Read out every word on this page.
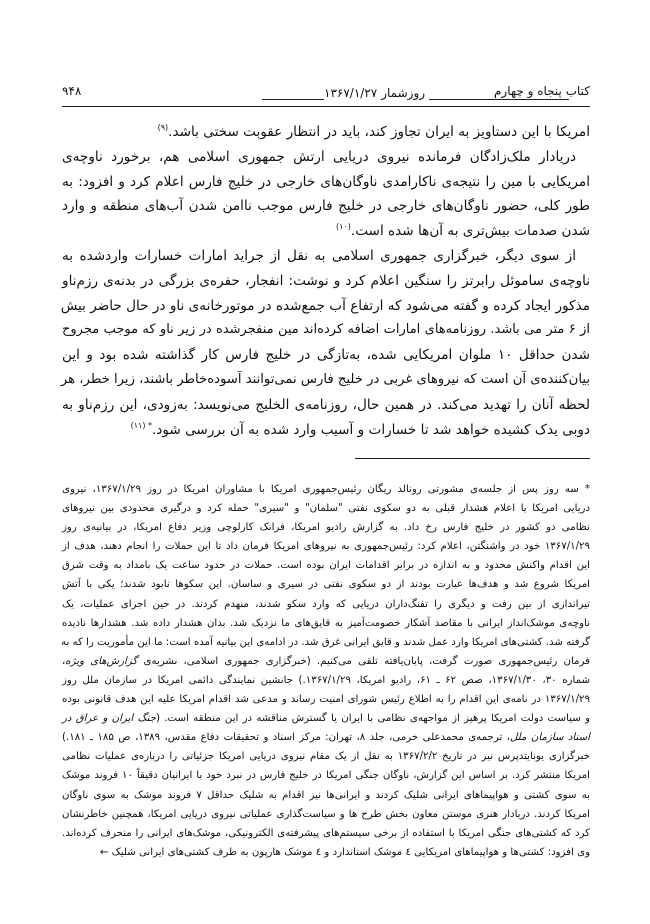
کتاب پنجاه و چهارم
روزشمار
۱۳۶۷/۱/۲۷
۹۴۸
امریکا با این دستاویز به ایران تجاوز کند، باید در انتظار عقوبت سختی باشد.$^{(۹)}$
دریادار ملک‌زادگان فرمانده نیروی دریایی ارتش جمهوری اسلامی هم، برخورد ناوچه‌ی
امریکایی با مین را نتیجه‌ی ناکارامدی ناوگان‌های خارجی در خلیج فارس اعلام کرد و افزود: به
طور کلی، حضور ناوگان‌های خارجی در خلیج فارس موجب ناامن شدن آب‌های منطقه و وارد
شدن صدمات بیش‌تری به آن‌ها شده است.$^{(۱۰)}$
از سوی دیگر، خبرگزاری جمهوری اسلامی به نقل از جراید امارات خسارات واردشده به
ناوچه‌ی ساموئل رابرتز را سنگین اعلام کرد و نوشت: انفجار، حفره‌ی بزرگی در بدنه‌ی رزم‌ناو
مذکور ایجاد کرده و گفته می‌شود که ارتفاع آب جمع‌شده در موتورخانه‌ی ناو در حال حاضر بیش
از ۶ متر می باشد. روزنامه‌های امارات اضافه کرده‌اند مین منفجرشده در زیر ناو که موجب مجروح
شدن حداقل ۱۰ ملوان امریکایی شده، به‌تازگی در خلیج فارس کار گذاشته شده بود و این
بیان‌کننده‌ی آن است که نیروهای غربی در خلیج فارس نمی‌توانند آسوده‌خاطر باشند، زیرا خطر، هر
لحظه آنان را تهدید می‌کند. در همین حال، روزنامه‌ی الخلیج می‌نویسد: به‌زودی، این رزم‌ناو به
دوبی یدک کشیده خواهد شد تا خسارات و آسیب وارد شده به آن بررسی شود.$^{* (۱۱)}$
* سه روز پس از جلسه‌ی مشورتی رونالد ریگان رئیس‌جمهوری امریکا با مشاوران امریکا در روز ۱۳۶۷/۱/۲۹، نیروی
دریایی امریکا با اعلام هشدار قبلی به دو سکوی نفتی "سلمان" و "سیری" حمله کرد و درگیری محدودی بین نیروهای
نظامی دو کشور در خلیج فارس رخ داد. به گزارش رادیو امریکا، فرانک کارلوچی وزیر دفاع امریکا، در بیانیه‌ی روز
۱۳۶۷/۱/۲۹ خود در واشنگتن، اعلام کرد: رئیس‌جمهوری به نیروهای امریکا فرمان داد تا این حملات را انجام دهند، هدف از
این اقدام واکنش محدود و به اندازه در برابر اقدامات ایران بوده است. حملات در حدود ساعت یک بامداد به وقت شرق
امریکا شروع شد و هدف‌ها عبارت بودند از دو سکوی نفتی در سیری و ساسان. این سکوها نابود شدند؛ یکی با آتش
تیراندازی از بین رفت و دیگری را تفنگ‌داران دریایی که وارد سکو شدند، منهدم کردند. در حین اجرای عملیات، یک
ناوچه‌ی موشک‌انداز ایرانی با مقاصد آشکار خصومت‌آمیز به قایق‌های ما نزدیک شد. بدان هشدار داده شد. هشدارها نادیده
گرفته شد. کشتی‌های امریکا وارد عمل شدند و قایق ایرانی غرق شد. در ادامه‌ی این بیانیه آمده است: ما این مأموریت را که به
فرمان رئیس‌جمهوری صورت گرفت، پایان‌یافته تلقی می‌کنیم. (خبرگزاری جمهوری اسلامی، نشریه‌ی گزارش‌های ویژه،
شماره ۳۰، ۱۳۶۷/۱/۳۰، صص ۶۲ ـ ۶۱، رادیو امریکا، ۱۳۶۷/۱/۲۹.) جانشین نمایندگی دائمی امریکا در سازمان ملل روز
۱۳۶۷/۱/۲۹ در نامه‌ی این اقدام را به اطلاع رئیس شورای امنیت رساند و مدعی شد اقدام امریکا علیه این هدف قانونی بوده
و سیاست دولت امریکا پرهیز از مواجهه‌ی نظامی با ایران یا گسترش مناقشه در این منطقه است. (جنگ ایران و عراق در
اسناد سازمان ملل، ترجمه‌ی محمدعلی خرمی، جلد ۸، تهران: مرکز اسناد و تحقیقات دفاع مقدس، ۱۳۸۹، ص ۱۸۵ ـ ۱۸۱.)
خبرگزاری یونایتدپرس نیز در تاریخ ۱۳۶۷/۲/۲ به نقل از یک مقام نیروی دریایی امریکا جزئیاتی را درباره‌ی عملیات نظامی
امریکا منتشر کرد. بر اساس این گزارش، ناوگان جنگی امریکا در خلیج فارس در نبرد خود با ایرانیان دقیقاً ۱۰ فروند موشک
به سوی کشتی و هواپیماهای ایرانی شلیک کردند و ایرانی‌ها نیز اقدام به شلیک حداقل ۷ فروند موشک به سوی ناوگان
امریکا کردند. دریادار هنری موستن معاون بخش طرح ها و سیاست‌گذاری عملیاتی نیروی دریایی امریکا، همچنین خاطرنشان
کرد که کشتی‌های جنگی امریکا با استفاده از برخی سیستم‌های پیشرفته‌ی الکترونیکی، موشک‌های ایرانی را منحرف کرده‌اند.
وی افزود: کشتی‌ها و هواپیماهای امریکایی ٤ موشک استاندارد و ٤ موشک هارپون به طرف کشتی‌های ایرانی شلیک ←
